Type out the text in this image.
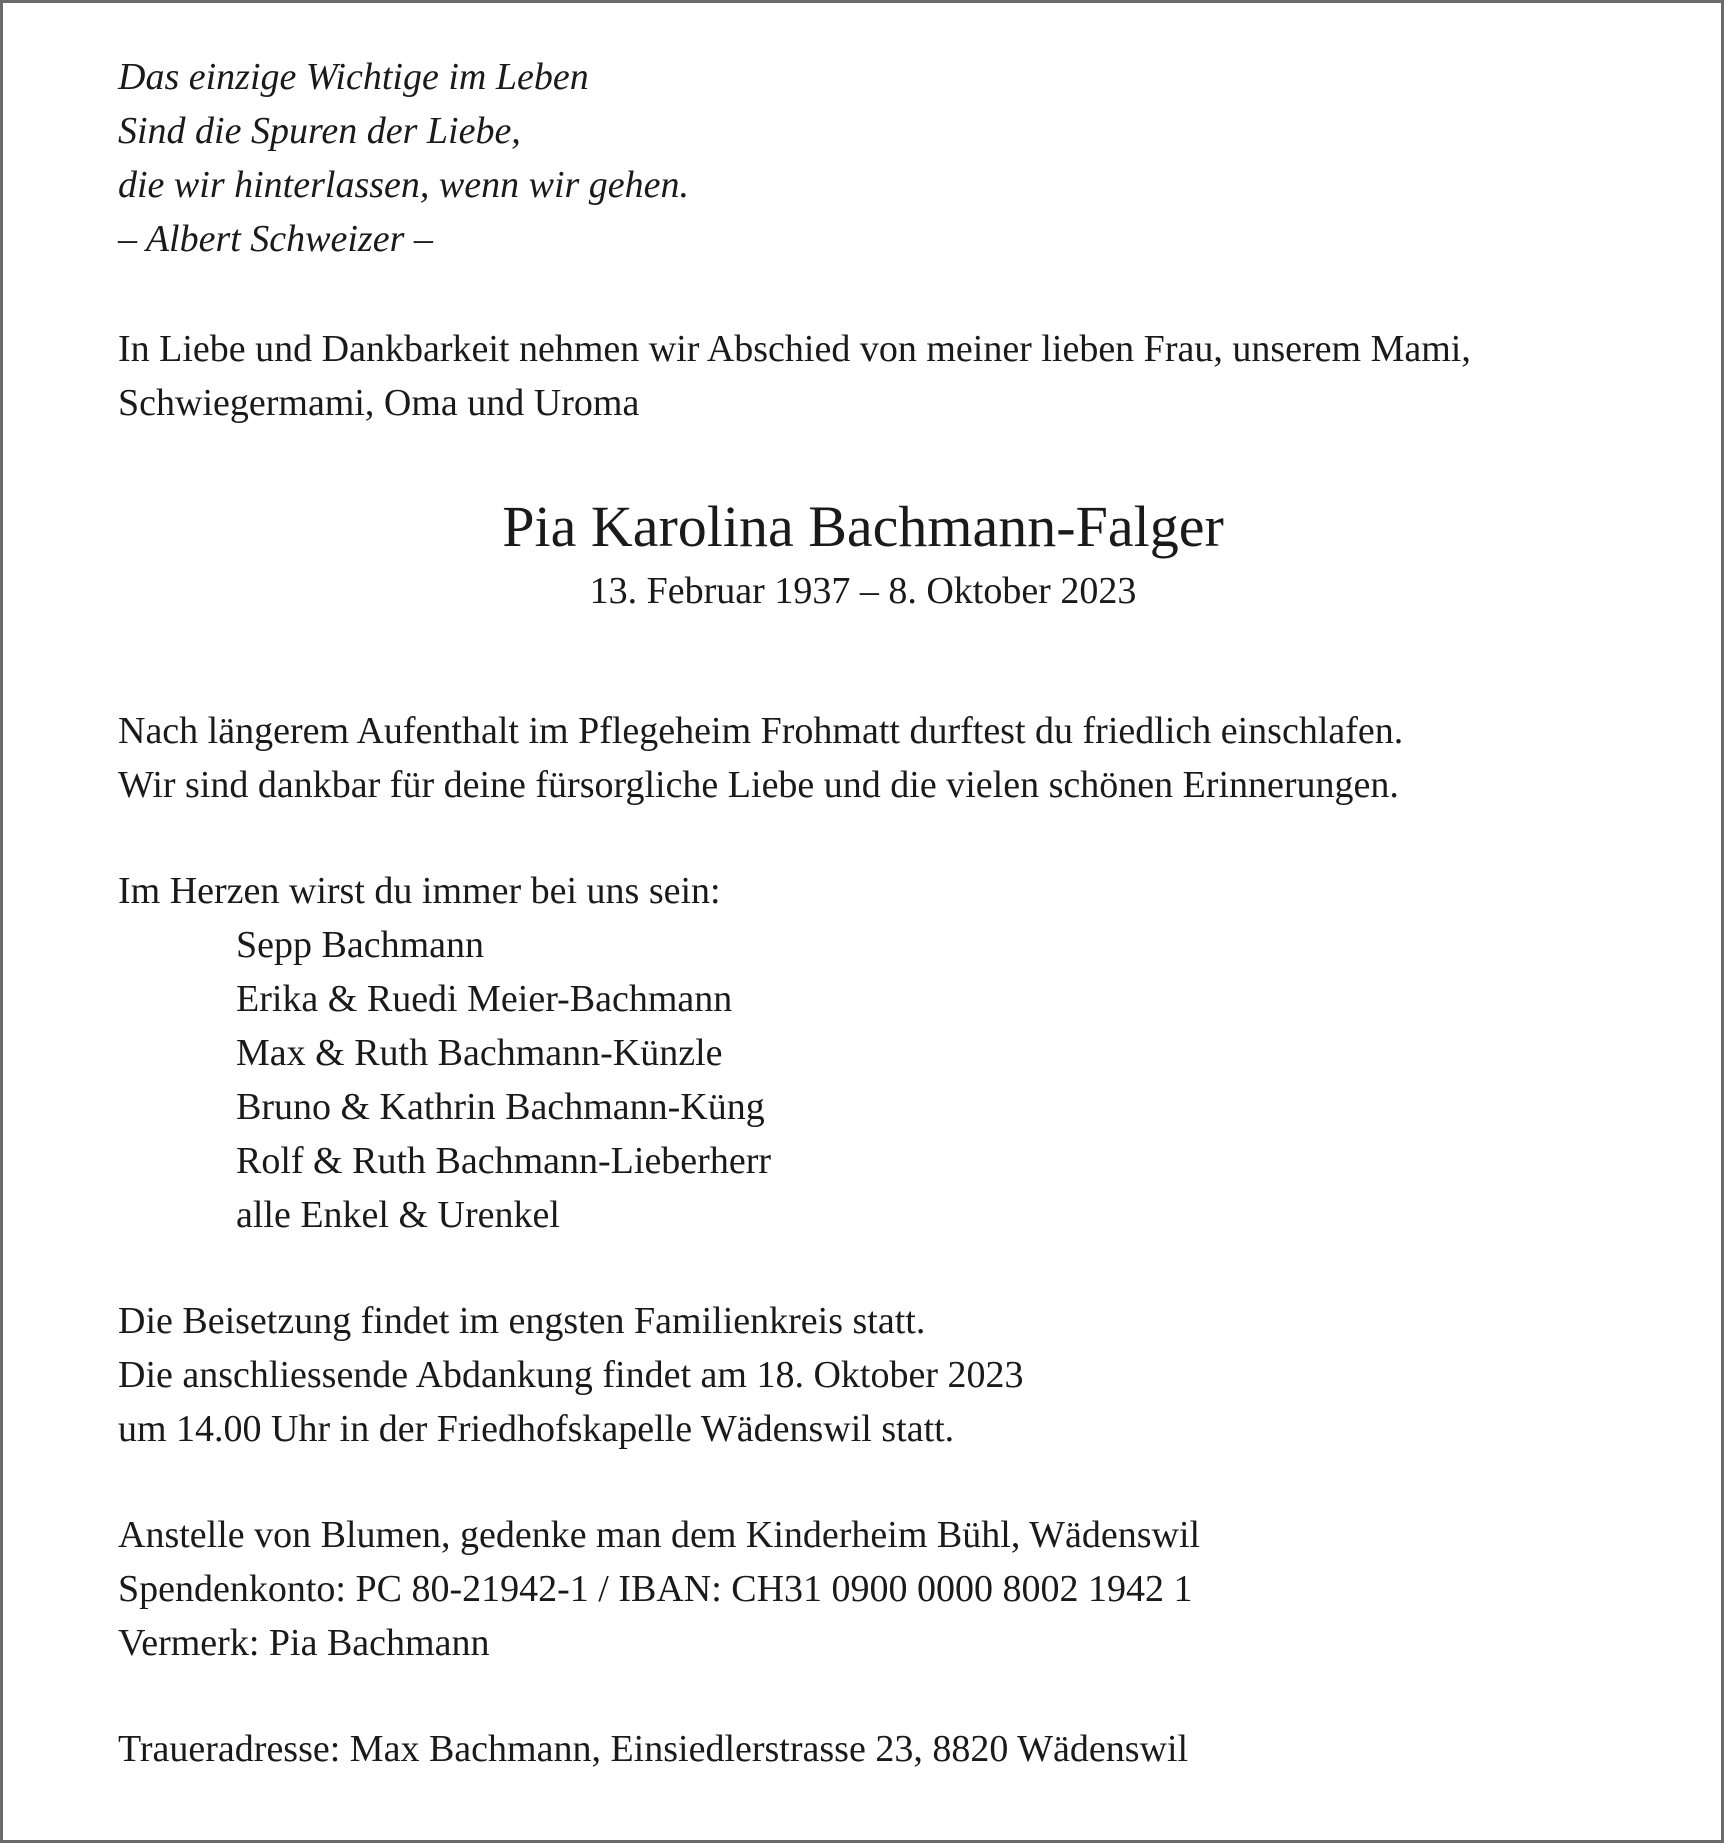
Das einzige Wichtige im Leben
Sind die Spuren der Liebe,
die wir hinterlassen, wenn wir gehen.
– Albert Schweizer –
In Liebe und Dankbarkeit nehmen wir Abschied von meiner lieben Frau, unserem Mami,
Schwiegermami, Oma und Uroma
Pia Karolina Bachmann-Falger
13. Februar 1937 – 8. Oktober 2023
Nach längerem Aufenthalt im Pflegeheim Frohmatt durftest du friedlich einschlafen.
Wir sind dankbar für deine fürsorgliche Liebe und die vielen schönen Erinnerungen.
Im Herzen wirst du immer bei uns sein:
Sepp Bachmann
Erika & Ruedi Meier-Bachmann
Max & Ruth Bachmann-Künzle
Bruno & Kathrin Bachmann-Küng
Rolf & Ruth Bachmann-Lieberherr
alle Enkel & Urenkel
Die Beisetzung findet im engsten Familienkreis statt.
Die anschliessende Abdankung findet am 18. Oktober 2023
um 14.00 Uhr in der Friedhofskapelle Wädenswil statt.
Anstelle von Blumen, gedenke man dem Kinderheim Bühl, Wädenswil
Spendenkonto: PC 80-21942-1 / IBAN: CH31 0900 0000 8002 1942 1
Vermerk: Pia Bachmann
Traueradresse: Max Bachmann, Einsiedlerstrasse 23, 8820 Wädenswil
